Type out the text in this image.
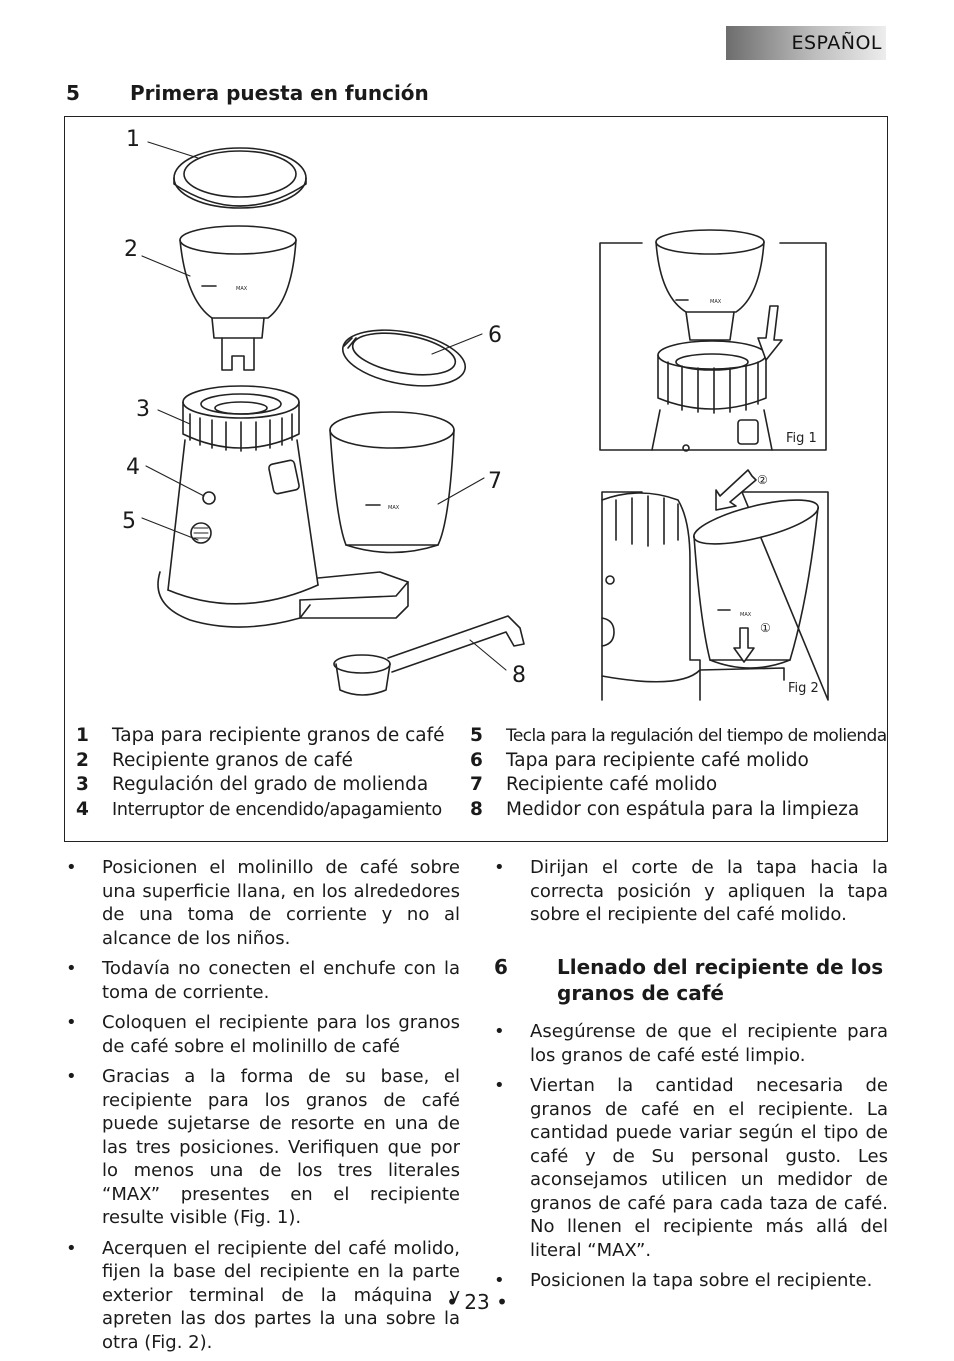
ESPAÑOL
5	Primera puesta en función
MAX
MAX
1
2
3
4
5
6
7
8
MAX
Fig 1
MAX
②
①
Fig 2
1 Tapa para recipiente granos de café
2 Recipiente granos de café
3 Regulación del grado de molienda
4 Interruptor de encendido/apagamiento
5 Tecla para la regulación del tiempo de molienda
6 Tapa para recipiente café molido
7 Recipiente café molido
8 Medidor con espátula para la limpieza
• Posicionen el molinillo de café sobre una superficie llana, en los alrededores de una toma de corriente y no al alcance de los niños.
• Todavía no conecten el enchufe con la toma de corriente.
• Coloquen el recipiente para los granos de café sobre el molinillo de café
• Gracias a la forma de su base, el recipiente para los granos de café puede sujetarse de resorte en una de las tres posiciones. Verifiquen que por lo menos una de los tres literales “MAX” presentes en el recipiente resulte visible (Fig. 1).
• Acerquen el recipiente del café molido, fijen la base del recipiente en la parte exterior terminal de la máquina y apreten las dos partes la una sobre la otra (Fig. 2).
• Dirijan el corte de la tapa hacia la correcta posición y apliquen la tapa sobre el recipiente del café molido.
6 Llenado del recipiente de los granos de café
• Asegúrense de que el recipiente para los granos de café esté limpio.
• Viertan la cantidad necesaria de granos de café en el recipiente. La cantidad puede variar según el tipo de café y de Su personal gusto. Les aconsejamos utilicen un medidor de granos de café para cada taza de café. No llenen el recipiente más allá del literal “MAX”.
• Posicionen la tapa sobre el recipiente.
• 23 •
